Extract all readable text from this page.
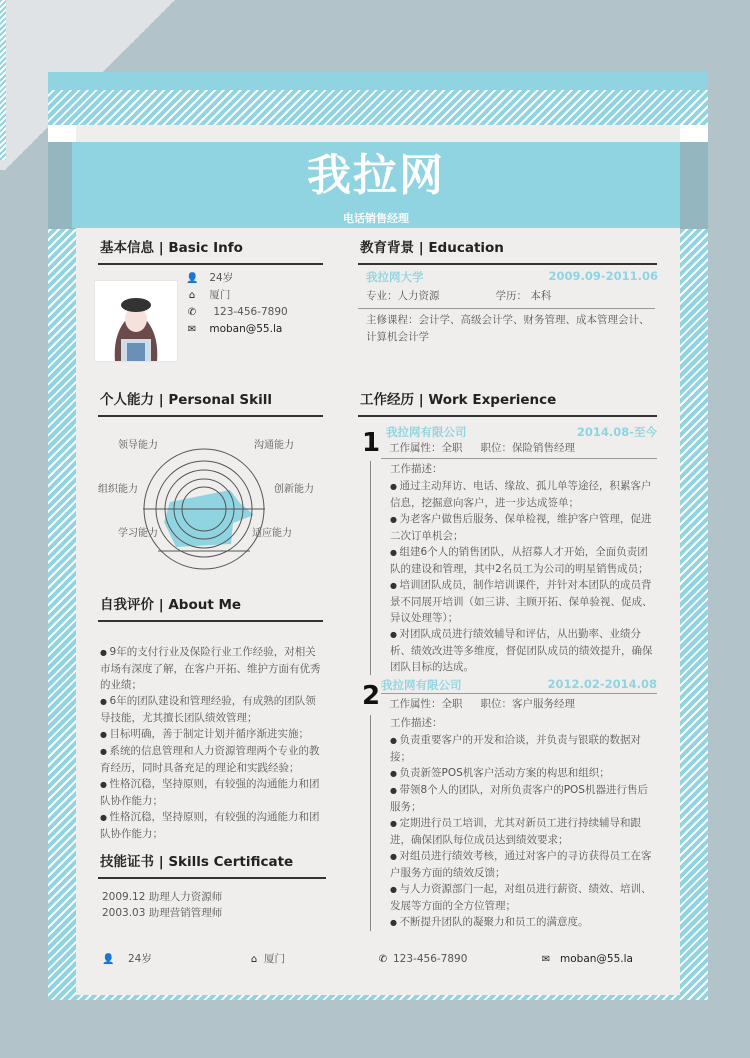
我拉网
电话销售经理
基本信息 | Basic Info
👤 24岁
⌂ 厦门
✆ 123-456-7890
✉ moban@55.la
个人能力 | Personal Skill
领导能力	沟通能力
组织能力	创新能力
学习能力	适应能力
自我评价 | About Me
● 9年的支付行业及保险行业工作经验，对相关市场有深度了解，在客户开拓、维护方面有优秀的业绩；
● 6年的团队建设和管理经验，有成熟的团队领导技能，尤其擅长团队绩效管理；
● 目标明确，善于制定计划并循序渐进实施；
● 系统的信息管理和人力资源管理两个专业的教育经历，同时具备充足的理论和实践经验；
● 性格沉稳，坚持原则，有较强的沟通能力和团队协作能力；
● 性格沉稳，坚持原则，有较强的沟通能力和团队协作能力；
技能证书 | Skills Certificate
2009.12 助理人力资源师
2003.03 助理营销管理师
教育背景 | Education
我拉网大学	2009.09-2011.06
专业：人力资源	学历： 本科
主修课程：会计学、高级会计学、财务管理、成本管理会计、计算机会计学
工作经历 | Work Experience
1 我拉网有限公司	2014.08-至今
工作属性：全职 职位：保险销售经理
工作描述：
● 通过主动拜访、电话、缘故、孤儿单等途径，积累客户信息，挖掘意向客户，进一步达成签单；
● 为老客户做售后服务、保单检视，维护客户管理，促进二次订单机会；
● 组建6个人的销售团队，从招募人才开始，全面负责团队的建设和管理，其中2名员工为公司的明星销售成员；
● 培训团队成员，制作培训课件，并针对本团队的成员背景不同展开培训（如三讲、主顾开拓、保单验视、促成、异议处理等）；
● 对团队成员进行绩效辅导和评估，从出勤率、业绩分析、绩效改进等多维度，督促团队成员的绩效提升，确保团队目标的达成。
2 我拉网有限公司	2012.02-2014.08
工作属性：全职 职位：客户服务经理
工作描述：
● 负责重要客户的开发和洽谈，并负责与银联的数据对接；
● 负责新签POS机客户活动方案的构思和组织；
● 带领8个人的团队，对所负责客户的POS机器进行售后服务；
● 定期进行员工培训，尤其对新员工进行持续辅导和跟进，确保团队每位成员达到绩效要求；
● 对组员进行绩效考核，通过对客户的寻访获得员工在客户服务方面的绩效反馈；
● 与人力资源部门一起，对组员进行薪资、绩效、培训、发展等方面的全方位管理；
● 不断提升团队的凝聚力和员工的满意度。
👤 24岁	⌂ 厦门	✆ 123-456-7890	✉ moban@55.la
